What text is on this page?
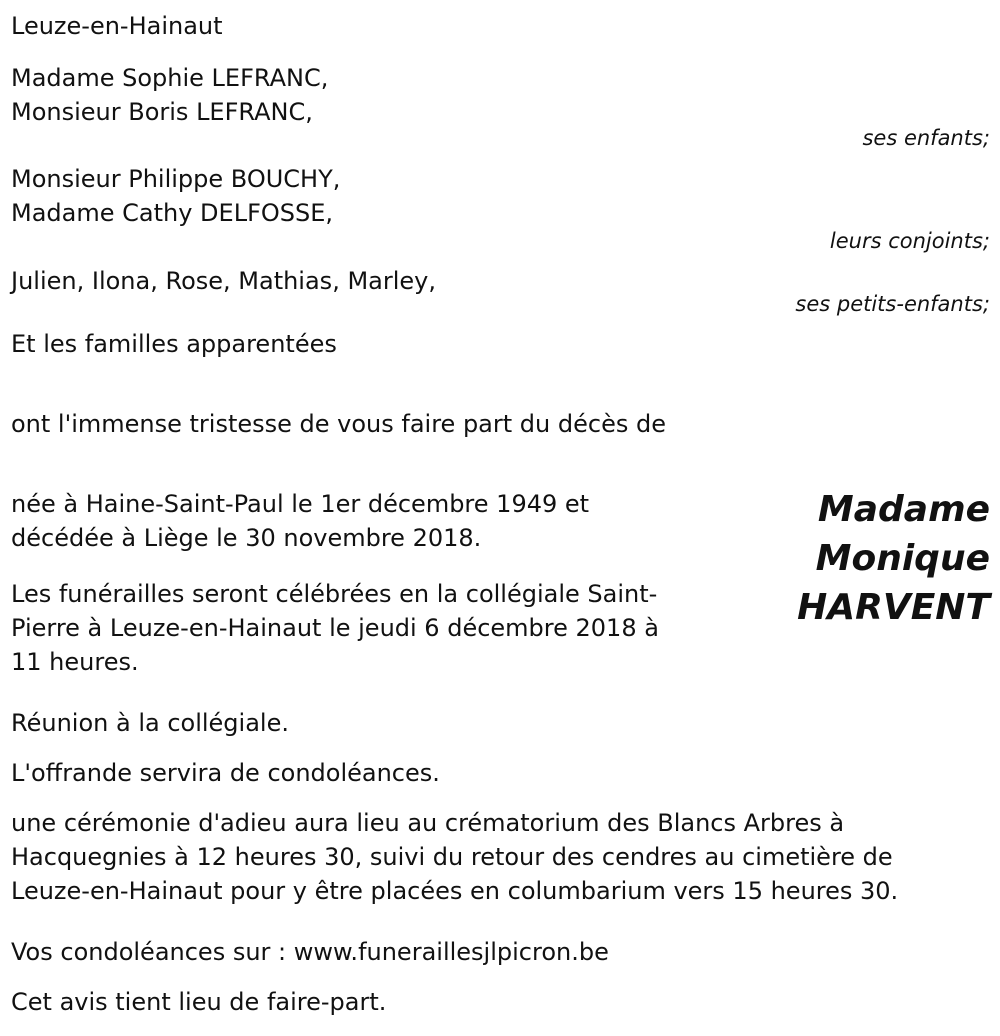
Leuze-en-Hainaut
Madame Sophie LEFRANC,
Monsieur Boris LEFRANC,
ses enfants;
Monsieur Philippe BOUCHY,
Madame Cathy DELFOSSE,
leurs conjoints;
Julien, Ilona, Rose, Mathias, Marley,
ses petits-enfants;
Et les familles apparentées
ont l'immense tristesse de vous faire part du décès de
Madame
Monique
HARVENT
née à Haine-Saint-Paul le 1er décembre 1949 et
décédée à Liège le 30 novembre 2018.
Les funérailles seront célébrées en la collégiale Saint-
Pierre à Leuze-en-Hainaut le jeudi 6 décembre 2018 à
11 heures.
Réunion à la collégiale.
L'offrande servira de condoléances.
une cérémonie d'adieu aura lieu au crématorium des Blancs Arbres à
Hacquegnies à 12 heures 30, suivi du retour des cendres au cimetière de
Leuze-en-Hainaut pour y être placées en columbarium vers 15 heures 30.
Vos condoléances sur : www.funeraillesjlpicron.be
Cet avis tient lieu de faire-part.
